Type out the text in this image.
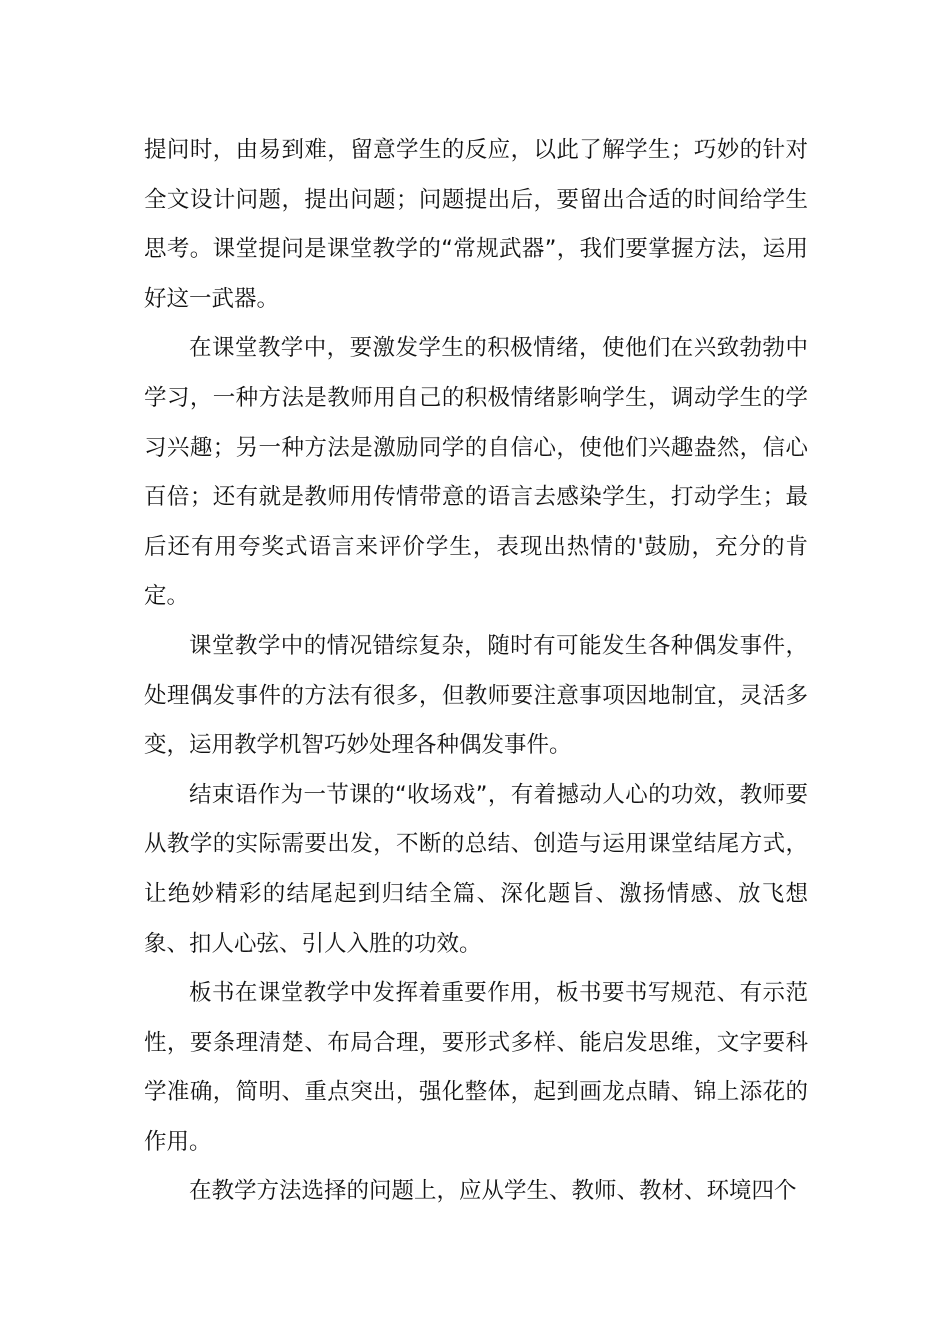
提问时，由易到难，留意学生的反应，以此了解学生；巧妙的针对全文设计问题，提出问题；问题提出后，要留出合适的时间给学生思考。课堂提问是课堂教学的“常规武器”，我们要掌握方法，运用好这一武器。

在课堂教学中，要激发学生的积极情绪，使他们在兴致勃勃中学习，一种方法是教师用自己的积极情绪影响学生，调动学生的学习兴趣；另一种方法是激励同学的自信心，使他们兴趣盎然，信心百倍；还有就是教师用传情带意的语言去感染学生，打动学生；最后还有用夸奖式语言来评价学生，表现出热情的'鼓励，充分的肯定。

课堂教学中的情况错综复杂，随时有可能发生各种偶发事件，处理偶发事件的方法有很多，但教师要注意事项因地制宜，灵活多变，运用教学机智巧妙处理各种偶发事件。

结束语作为一节课的“收场戏”，有着撼动人心的功效，教师要从教学的实际需要出发，不断的总结、创造与运用课堂结尾方式，让绝妙精彩的结尾起到归结全篇、深化题旨、激扬情感、放飞想象、扣人心弦、引人入胜的功效。

板书在课堂教学中发挥着重要作用，板书要书写规范、有示范性，要条理清楚、布局合理，要形式多样、能启发思维，文字要科学准确，简明、重点突出，强化整体，起到画龙点睛、锦上添花的作用。

在教学方法选择的问题上，应从学生、教师、教材、环境四个
